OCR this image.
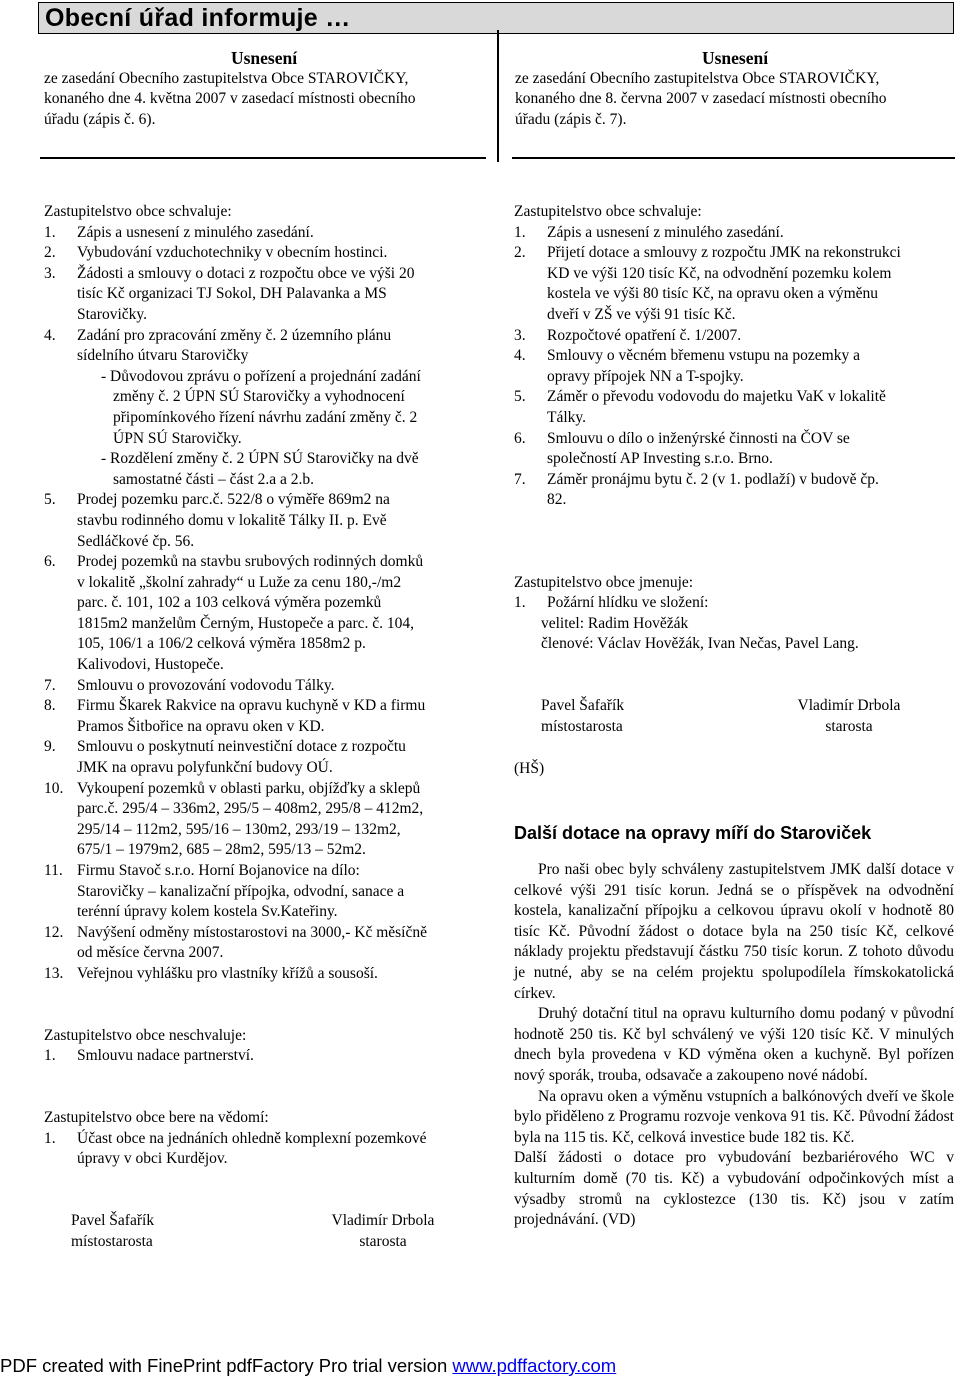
Obecní úřad informuje …
Usnesení
ze zasedání Obecního zastupitelstva Obce STAROVIČKY,
konaného dne 4. května 2007 v zasedací místnosti obecního
úřadu (zápis č. 6).
Usnesení
ze zasedání Obecního zastupitelstva Obce STAROVIČKY,
konaného dne 8. června 2007 v zasedací místnosti obecního
úřadu (zápis č. 7).
Zastupitelstvo obce schvaluje:
1. Zápis a usnesení z minulého zasedání.
2. Vybudování vzduchotechniky v obecním hostinci.
3. Žádosti a smlouvy o dotaci z rozpočtu obce ve výši 20
tisíc Kč organizaci TJ Sokol, DH Palavanka a MS
Starovičky.
4. Zadání pro zpracování změny č. 2 územního plánu
sídelního útvaru Starovičky
- Důvodovou zprávu o pořízení a projednání zadání
změny č. 2 ÚPN SÚ Starovičky a vyhodnocení
připomínkového řízení návrhu zadání změny č. 2
ÚPN SÚ Starovičky.
- Rozdělení změny č. 2 ÚPN SÚ Starovičky na dvě
samostatné části – část 2.a a 2.b.
5. Prodej pozemku parc.č. 522/8 o výměře 869m2 na
stavbu rodinného domu v lokalitě Tálky II. p. Evě
Sedláčkové čp. 56.
6. Prodej pozemků na stavbu srubových rodinných domků
v lokalitě „školní zahrady“ u Luže za cenu 180,-/m2
parc. č. 101, 102 a 103 celková výměra pozemků
1815m2 manželům Černým, Hustopeče a parc. č. 104,
105, 106/1 a 106/2 celková výměra 1858m2 p.
Kalivodovi, Hustopeče.
7. Smlouvu o provozování vodovodu Tálky.
8. Firmu Škarek Rakvice na opravu kuchyně v KD a firmu
Pramos Šitbořice na opravu oken v KD.
9. Smlouvu o poskytnutí neinvestiční dotace z rozpočtu
JMK na opravu polyfunkční budovy OÚ.
10. Vykoupení pozemků v oblasti parku, objížďky a sklepů
parc.č. 295/4 – 336m2, 295/5 – 408m2, 295/8 – 412m2,
295/14 – 112m2, 595/16 – 130m2, 293/19 – 132m2,
675/1 – 1979m2, 685 – 28m2, 595/13 – 52m2.
11. Firmu Stavoč s.r.o. Horní Bojanovice na dílo:
Starovičky – kanalizační přípojka, odvodní, sanace a
terénní úpravy kolem kostela Sv.Kateřiny.
12. Navýšení odměny místostarostovi na 3000,- Kč měsíčně
od měsíce června 2007.
13. Veřejnou vyhlášku pro vlastníky křížů a sousoší.
Zastupitelstvo obce neschvaluje:
1. Smlouvu nadace partnerství.
Zastupitelstvo obce bere na vědomí:
1. Účast obce na jednáních ohledně komplexní pozemkové
úpravy v obci Kurdějov.
Pavel Šafařík
místostarosta
Vladimír Drbola
starosta
Zastupitelstvo obce schvaluje:
1. Zápis a usnesení z minulého zasedání.
2. Přijetí dotace a smlouvy z rozpočtu JMK na rekonstrukci
KD ve výši 120 tisíc Kč, na odvodnění pozemku kolem
kostela ve výši 80 tisíc Kč, na opravu oken a výměnu
dveří v ZŠ ve výši 91 tisíc Kč.
3. Rozpočtové opatření č. 1/2007.
4. Smlouvy o věcném břemenu vstupu na pozemky a
opravy přípojek NN a T-spojky.
5. Záměr o převodu vodovodu do majetku VaK v lokalitě
Tálky.
6. Smlouvu o dílo o inženýrské činnosti na ČOV se
společností AP Investing s.r.o. Brno.
7. Záměr pronájmu bytu č. 2 (v 1. podlaží) v budově čp.
82.
Zastupitelstvo obce jmenuje:
1. Požární hlídku ve složení:
velitel: Radim Hověžák
členové: Václav Hověžák, Ivan Nečas, Pavel Lang.
Pavel Šafařík
místostarosta
Vladimír Drbola
starosta
(HŠ)
Další dotace na opravy míří do Staroviček
Pro naši obec byly schváleny zastupitelstvem JMK další dotace v celkové výši 291 tisíc korun. Jedná se o příspěvek na odvodnění kostela, kanalizační přípojku a celkovou úpravu okolí v hodnotě 80 tisíc Kč. Původní žádost o dotace byla na 250 tisíc Kč, celkové náklady projektu představují částku 750 tisíc korun. Z tohoto důvodu je nutné, aby se na celém projektu spolupodílela římskokatolická církev.
Druhý dotační titul na opravu kulturního domu podaný v původní hodnotě 250 tis. Kč byl schválený ve výši 120 tisíc Kč. V minulých dnech byla provedena v KD výměna oken a kuchyně. Byl pořízen nový sporák, trouba, odsavače a zakoupeno nové nádobí.
Na opravu oken a výměnu vstupních a balkónových dveří ve škole bylo přiděleno z Programu rozvoje venkova 91 tis. Kč. Původní žádost byla na 115 tis. Kč, celková investice bude 182 tis. Kč.
Další žádosti o dotace pro vybudování bezbariérového WC v kulturním domě (70 tis. Kč) a vybudování odpočinkových míst a výsadby stromů na cyklostezce (130 tis. Kč) jsou v zatím projednávání. (VD)
PDF created with FinePrint pdfFactory Pro trial version www.pdffactory.com
